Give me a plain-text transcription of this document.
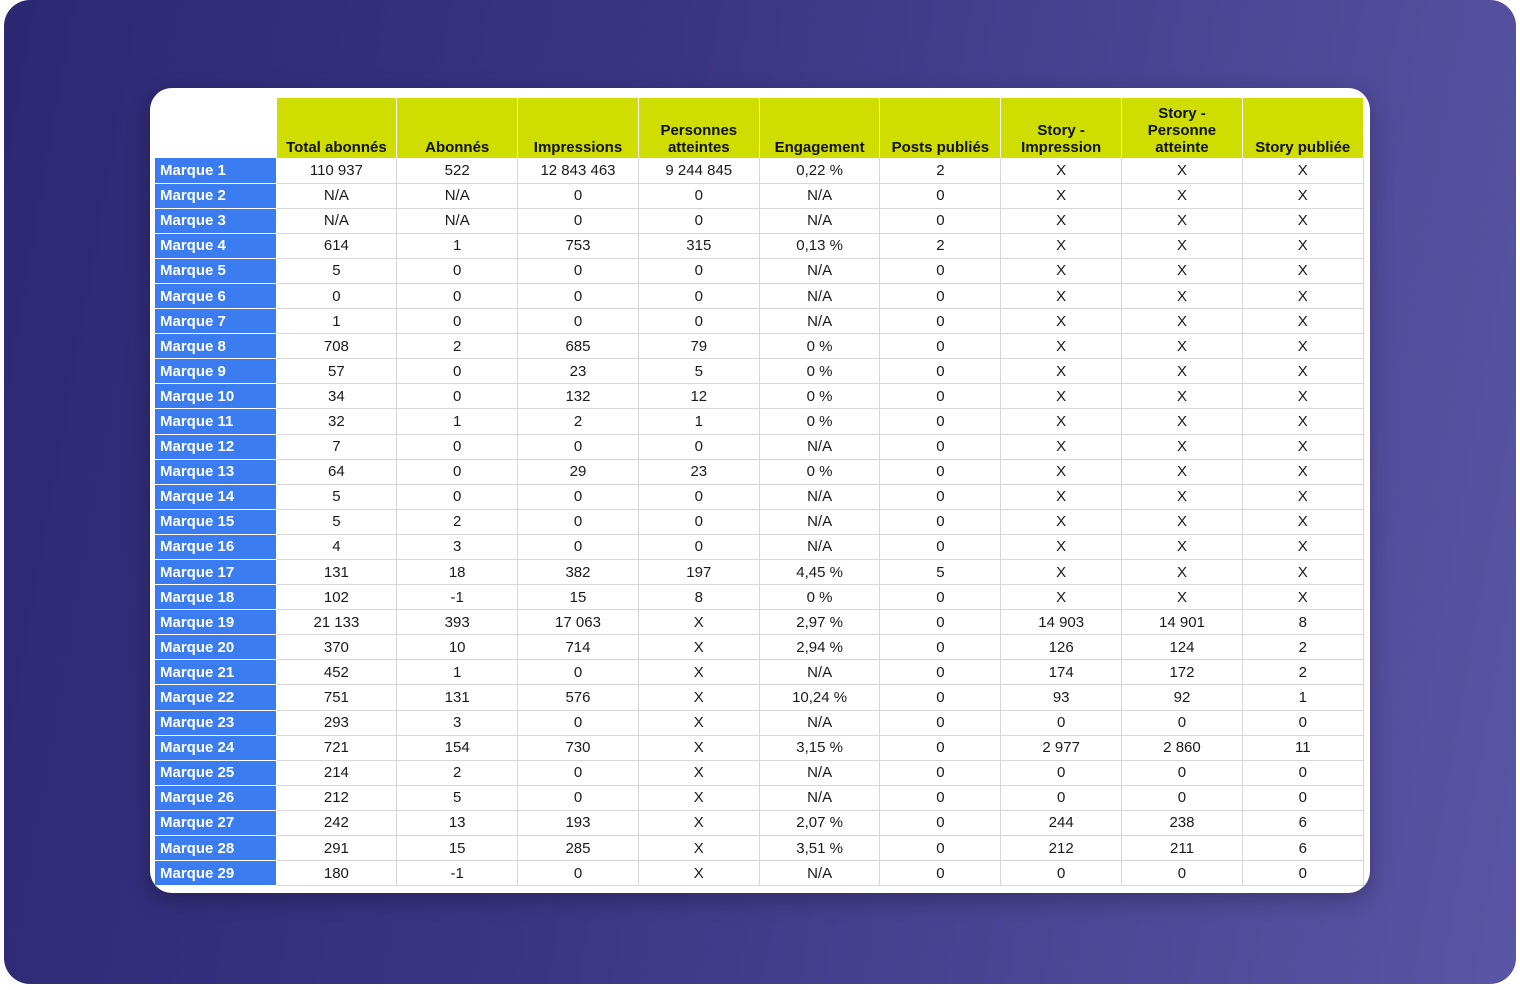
	Total abonnés	Abonnés	Impressions	Personnes atteintes	Engagement	Posts publiés	Story - Impression	Story - Personne atteinte	Story publiée
Marque 1	110 937	522	12 843 463	9 244 845	0,22 %	2	X	X	X
Marque 2	N/A	N/A	0	0	N/A	0	X	X	X
Marque 3	N/A	N/A	0	0	N/A	0	X	X	X
Marque 4	614	1	753	315	0,13 %	2	X	X	X
Marque 5	5	0	0	0	N/A	0	X	X	X
Marque 6	0	0	0	0	N/A	0	X	X	X
Marque 7	1	0	0	0	N/A	0	X	X	X
Marque 8	708	2	685	79	0 %	0	X	X	X
Marque 9	57	0	23	5	0 %	0	X	X	X
Marque 10	34	0	132	12	0 %	0	X	X	X
Marque 11	32	1	2	1	0 %	0	X	X	X
Marque 12	7	0	0	0	N/A	0	X	X	X
Marque 13	64	0	29	23	0 %	0	X	X	X
Marque 14	5	0	0	0	N/A	0	X	X	X
Marque 15	5	2	0	0	N/A	0	X	X	X
Marque 16	4	3	0	0	N/A	0	X	X	X
Marque 17	131	18	382	197	4,45 %	5	X	X	X
Marque 18	102	-1	15	8	0 %	0	X	X	X
Marque 19	21 133	393	17 063	X	2,97 %	0	14 903	14 901	8
Marque 20	370	10	714	X	2,94 %	0	126	124	2
Marque 21	452	1	0	X	N/A	0	174	172	2
Marque 22	751	131	576	X	10,24 %	0	93	92	1
Marque 23	293	3	0	X	N/A	0	0	0	0
Marque 24	721	154	730	X	3,15 %	0	2 977	2 860	11
Marque 25	214	2	0	X	N/A	0	0	0	0
Marque 26	212	5	0	X	N/A	0	0	0	0
Marque 27	242	13	193	X	2,07 %	0	244	238	6
Marque 28	291	15	285	X	3,51 %	0	212	211	6
Marque 29	180	-1	0	X	N/A	0	0	0	0
